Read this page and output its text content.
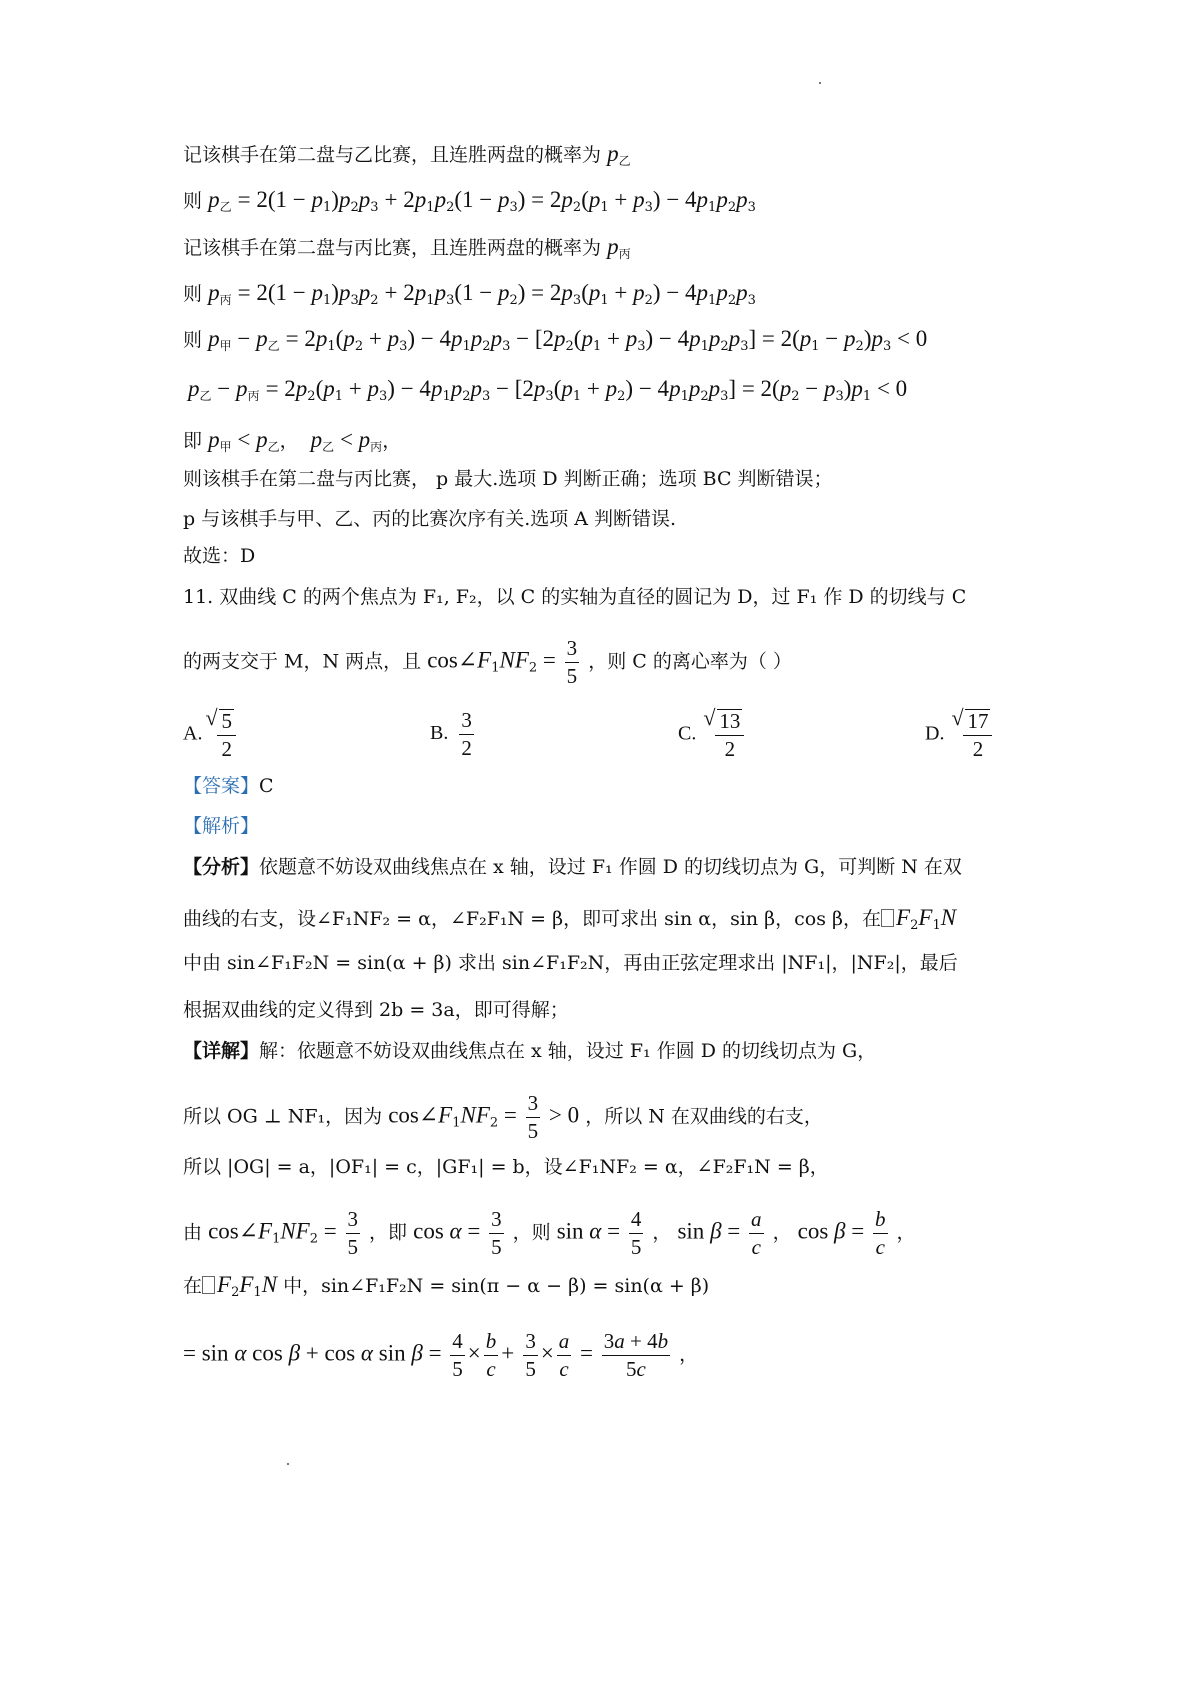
记该棋手在第二盘与乙比赛，且连胜两盘的概率为 $p_乙$
则 $p_乙 = 2(1 - p_1)p_2p_3 + 2p_1p_2(1 - p_3) = 2p_2(p_1 + p_3) - 4p_1p_2p_3$
记该棋手在第二盘与丙比赛，且连胜两盘的概率为 $p_丙$
则 $p_丙 = 2(1 - p_1)p_3p_2 + 2p_1p_3(1 - p_2) = 2p_3(p_1 + p_2) - 4p_1p_2p_3$
则 $p_甲 - p_乙 = 2p_1(p_2 + p_3) - 4p_1p_2p_3 - [2p_2(p_1 + p_3) - 4p_1p_2p_3] = 2(p_1 - p_2)p_3 < 0$
$p_乙 - p_丙 = 2p_2(p_1 + p_3) - 4p_1p_2p_3 - [2p_3(p_1 + p_2) - 4p_1p_2p_3] = 2(p_2 - p_3)p_1 < 0$
即 $p_甲 < p_乙$，  $p_乙 < p_丙$，
则该棋手在第二盘与丙比赛， p 最大.选项 D 判断正确；选项 BC 判断错误；
p 与该棋手与甲、乙、丙的比赛次序有关.选项 A 判断错误.
故选：D
11. 双曲线 C 的两个焦点为 F₁, F₂，以 C 的实轴为直径的圆记为 D，过 F₁ 作 D 的切线与 C
的两支交于 M，N 两点，且 $\cos\angle F_1NF_2 = \frac{3}{5}$ ，则 C 的离心率为（ ）
A. √ $\frac{5}{2}$	B. $\frac{3}{2}$	C. √ $\frac{13}{2}$	D. √ $\frac{17}{2}$
【答案】C
【解析】
【分析】依题意不妨设双曲线焦点在 x 轴，设过 F₁ 作圆 D 的切线切点为 G，可判断 N 在双
曲线的右支，设∠F₁NF₂ = α，∠F₂F₁N = β，即可求出 sin α，sin β，cos β，在 $F_2F_1N$
中由 sin∠F₁F₂N = sin(α + β) 求出 sin∠F₁F₂N，再由正弦定理求出 |NF₁|，|NF₂|，最后
根据双曲线的定义得到 2b = 3a，即可得解；
【详解】解：依题意不妨设双曲线焦点在 x 轴，设过 F₁ 作圆 D 的切线切点为 G，
所以 OG ⊥ NF₁，因为 $\cos\angle F_1NF_2 = \frac{3}{5} > 0$ ，所以 N 在双曲线的右支，
所以 |OG| = a，|OF₁| = c，|GF₁| = b，设∠F₁NF₂ = α，∠F₂F₁N = β，
由 $\cos\angle F_1NF_2 = \frac{3}{5}$ ，即 $\cos \alpha = \frac{3}{5}$ ，则 $\sin \alpha = \frac{4}{5}$ ， $\sin \beta = \frac{a}{c}$ ， $\cos \beta = \frac{b}{c}$ ，
在 $F_2F_1N$ 中，sin∠F₁F₂N = sin(π − α − β) = sin(α + β)
= sin α cos β + cos α $\sin \beta = \frac{4}{5} \times \frac{b}{c} + \frac{3}{5} \times \frac{a}{c} = \frac{3a + 4b}{5c}$ ，
